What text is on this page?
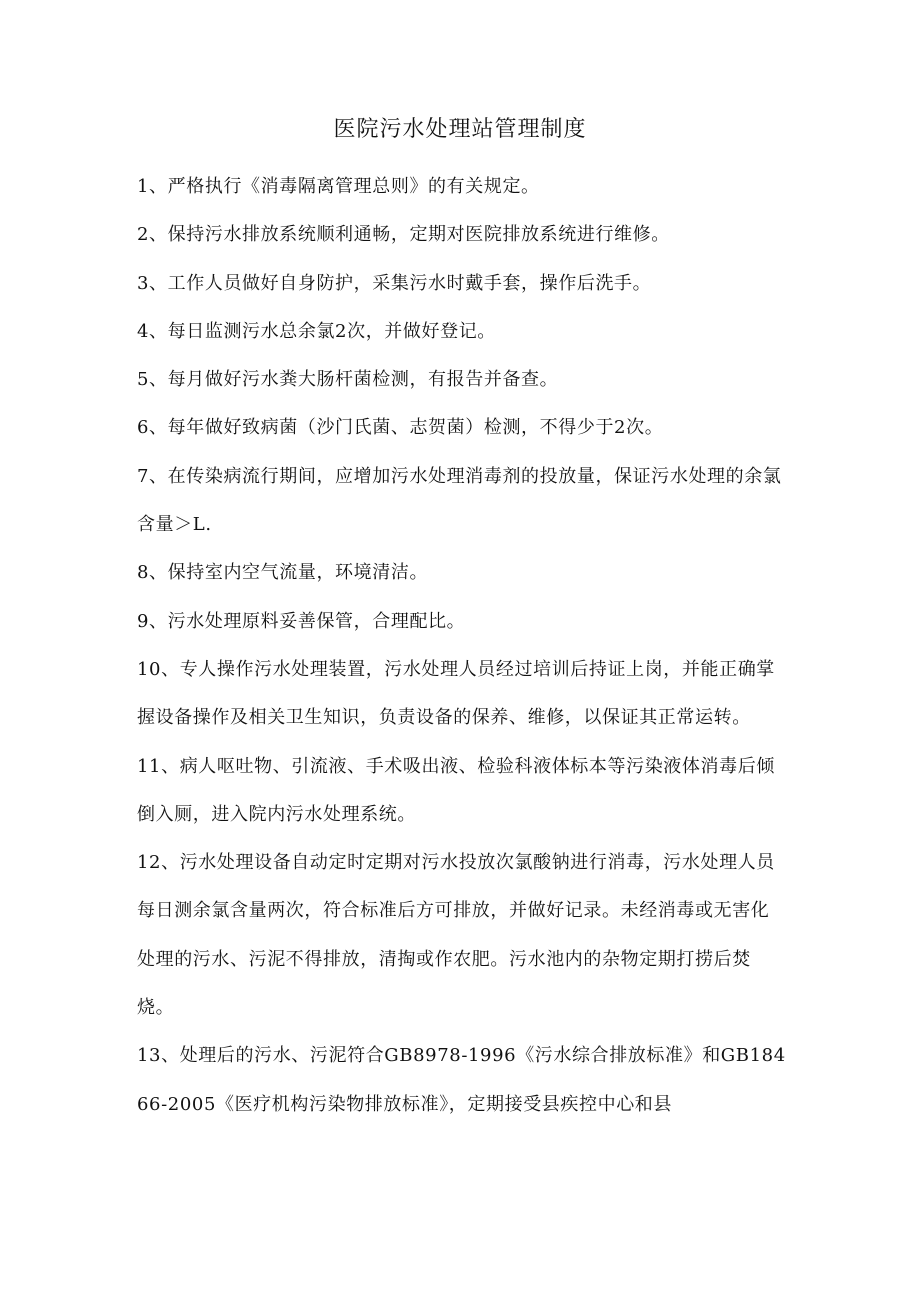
医院污水处理站管理制度

1、严格执行《消毒隔离管理总则》的有关规定。

2、保持污水排放系统顺利通畅，定期对医院排放系统进行维修。

3、工作人员做好自身防护，采集污水时戴手套，操作后洗手。

4、每日监测污水总余氯2次，并做好登记。

5、每月做好污水粪大肠杆菌检测，有报告并备查。

6、每年做好致病菌（沙门氏菌、志贺菌）检测，不得少于2次。

7、在传染病流行期间，应增加污水处理消毒剂的投放量，保证污水处理的余氯含量＞L.

8、保持室内空气流量，环境清洁。

9、污水处理原料妥善保管，合理配比。

10、专人操作污水处理装置，污水处理人员经过培训后持证上岗，并能正确掌握设备操作及相关卫生知识，负责设备的保养、维修，以保证其正常运转。

11、病人呕吐物、引流液、手术吸出液、检验科液体标本等污染液体消毒后倾倒入厕，进入院内污水处理系统。

12、污水处理设备自动定时定期对污水投放次氯酸钠进行消毒，污水处理人员每日测余氯含量两次，符合标准后方可排放，并做好记录。未经消毒或无害化处理的污水、污泥不得排放，清掏或作农肥。污水池内的杂物定期打捞后焚烧。

13、处理后的污水、污泥符合GB8978-1996《污水综合排放标准》和GB18466-2005《医疗机构污染物排放标准》，定期接受县疾控中心和县
